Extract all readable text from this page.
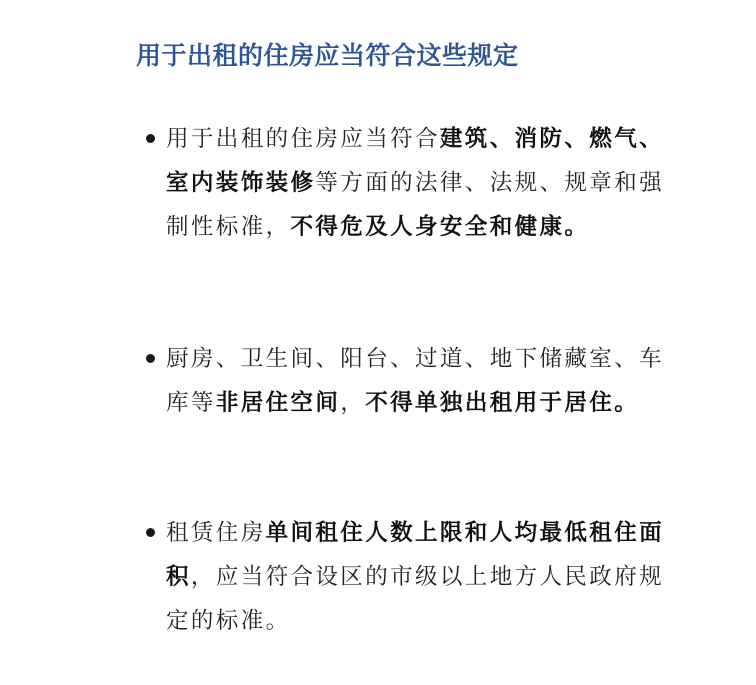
用于出租的住房应当符合这些规定
用于出租的住房应当符合建筑、消防、燃气、室内装饰装修等方面的法律、法规、规章和强制性标准，不得危及人身安全和健康。
厨房、卫生间、阳台、过道、地下储藏室、车库等非居住空间，不得单独出租用于居住。
租赁住房单间租住人数上限和人均最低租住面积，应当符合设区的市级以上地方人民政府规定的标准。
